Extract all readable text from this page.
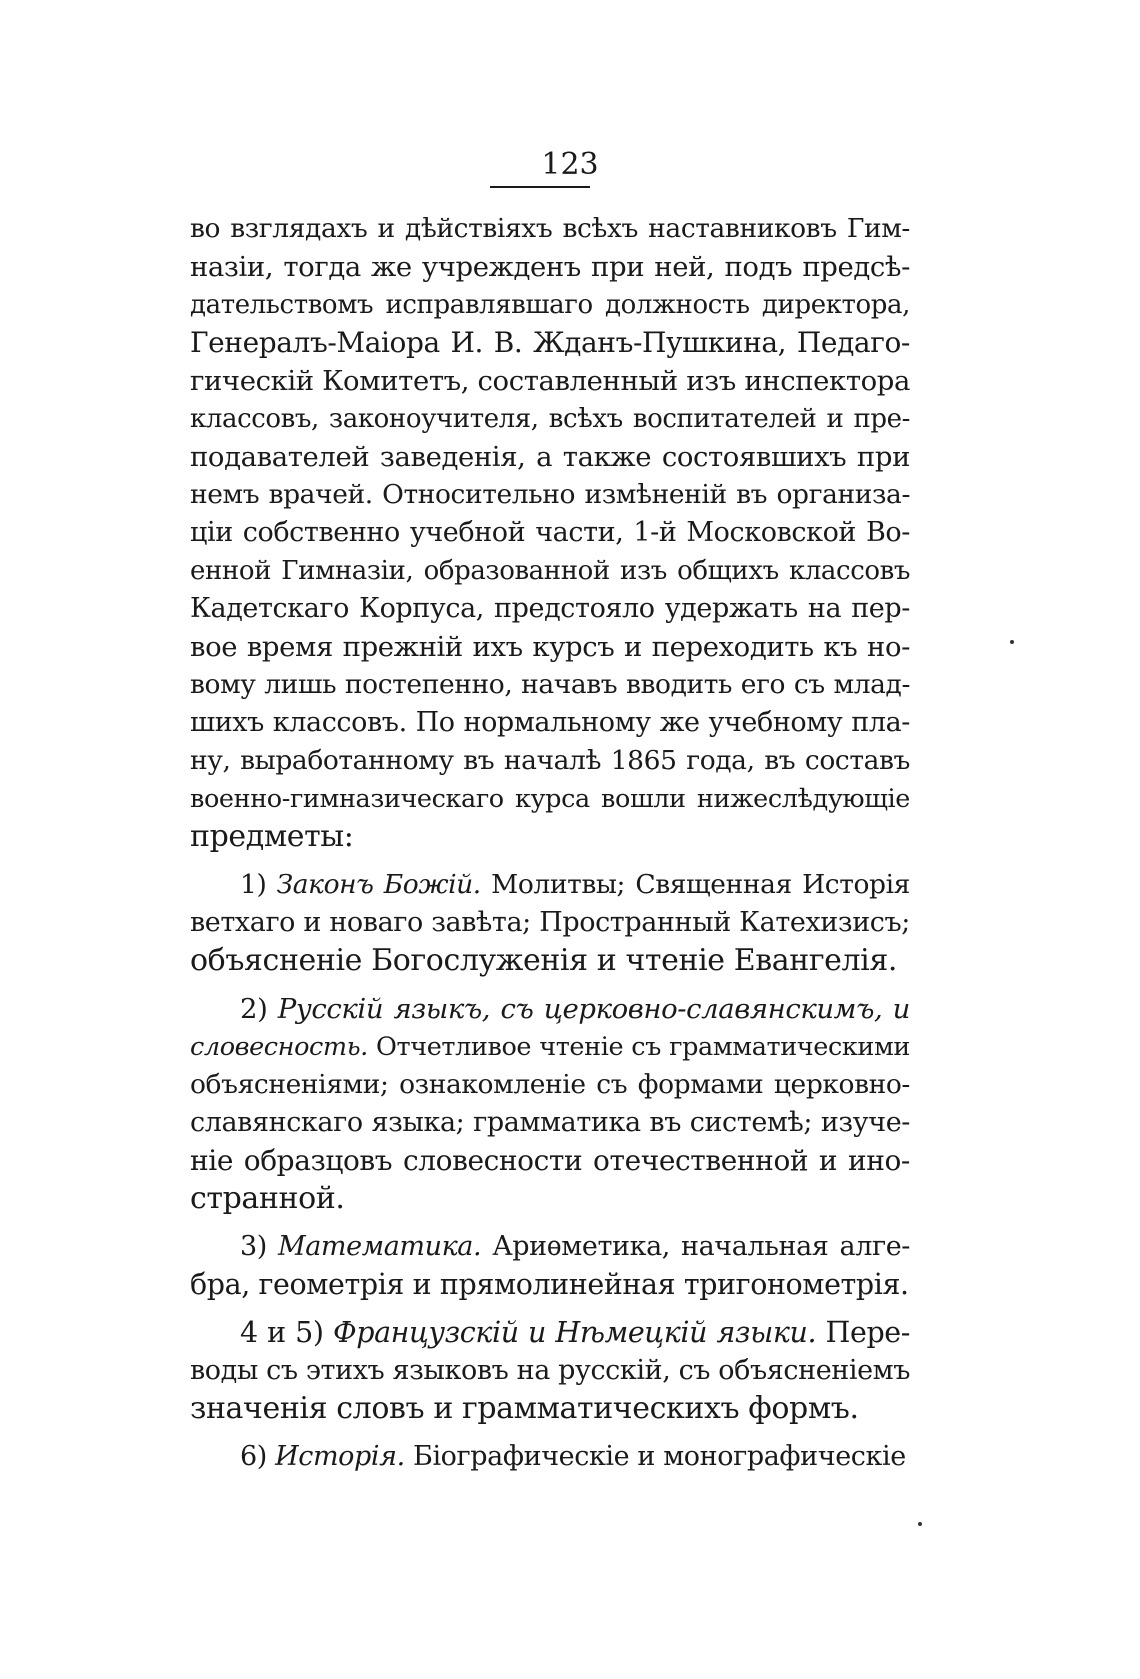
123
во взглядахъ и дѣйствіяхъ всѣхъ наставниковъ Гим-
назіи, тогда же учрежденъ при ней, подъ предсѣ-
дательствомъ исправлявшаго должность директора,
Генералъ-Маіора И. В. Жданъ-Пушкина, Педаго-
гическій Комитетъ, составленный изъ инспектора
классовъ, законоучителя, всѣхъ воспитателей и пре-
подавателей заведенія, а также состоявшихъ при
немъ врачей. Относительно измѣненій въ организа-
ціи собственно учебной части, 1-й Московской Во-
енной Гимназіи, образованной изъ общихъ классовъ
Кадетскаго Корпуса, предстояло удержать на пер-
вое время прежній ихъ курсъ и переходить къ но-
вому лишь постепенно, начавъ вводить его съ млад-
шихъ классовъ. По нормальному же учебному пла-
ну, выработанному въ началѣ 1865 года, въ составъ
военно-гимназическаго курса вошли нижеслѣдующіе
предметы:
1) Законъ Божій. Молитвы; Священная Исторія
ветхаго и новаго завѣта; Пространный Катехизисъ;
объясненіе Богослуженія и чтеніе Евангелія.
2) Русскій языкъ, съ церковно-славянскимъ, и
словесность. Отчетливое чтеніе съ грамматическими
объясненіями; ознакомленіе съ формами церковно-
славянскаго языка; грамматика въ системѣ; изуче-
ніе образцовъ словесности отечественной и ино-
странной.
3) Математика. Ариѳметика, начальная алге-
бра, геометрія и прямолинейная тригонометрія.
4 и 5) Французскій и Нѣмецкій языки. Пере-
воды съ этихъ языковъ на русскій, съ объясненіемъ
значенія словъ и грамматическихъ формъ.
6) Исторія. Біографическіе и монографическіе
